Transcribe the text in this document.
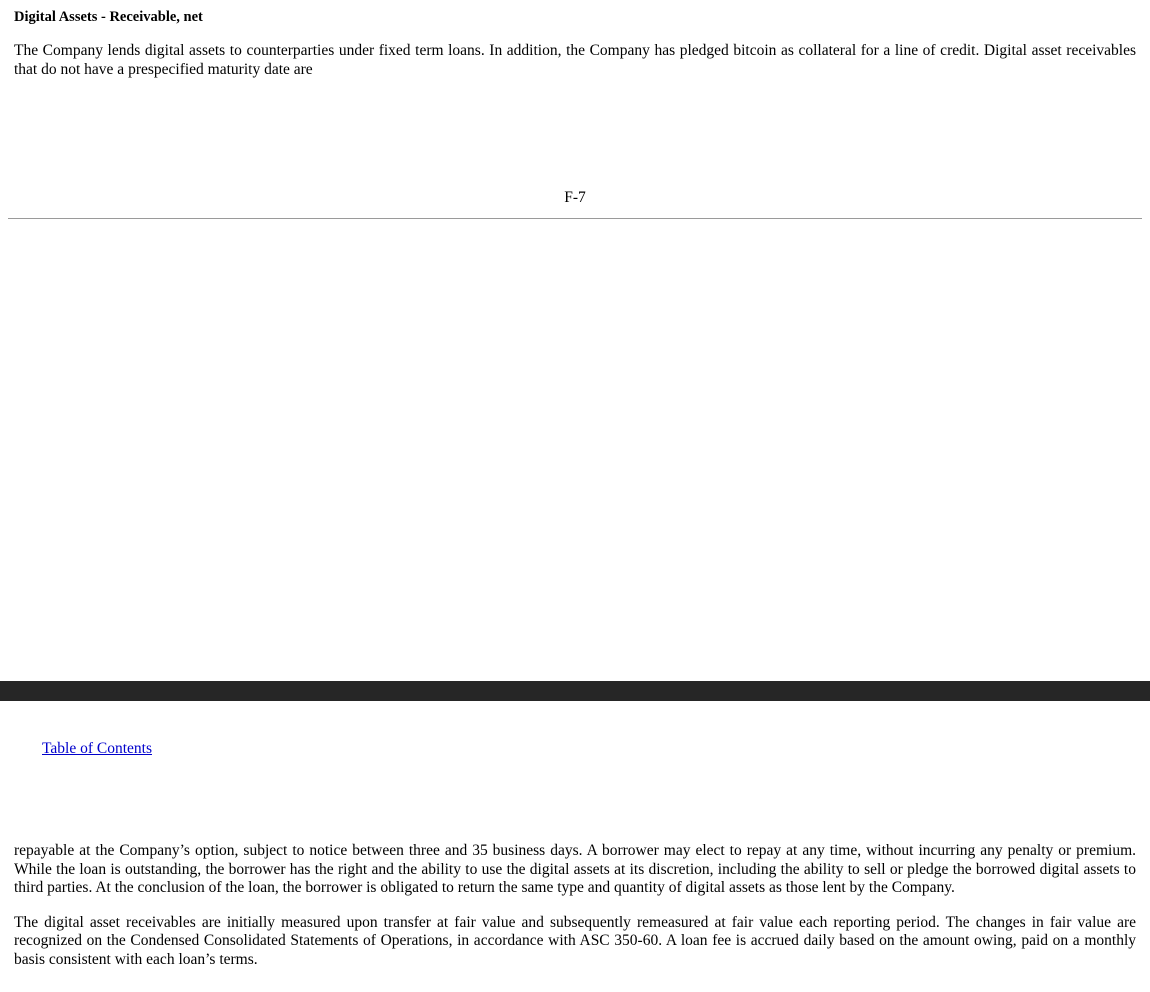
Digital Assets - Receivable, net

The Company lends digital assets to counterparties under fixed term loans. In addition, the Company has pledged bitcoin as collateral for a line of credit. Digital asset receivables that do not have a prespecified maturity date are

F-7
Table of Contents

repayable at the Company’s option, subject to notice between three and 35 business days. A borrower may elect to repay at any time, without incurring any penalty or premium. While the loan is outstanding, the borrower has the right and the ability to use the digital assets at its discretion, including the ability to sell or pledge the borrowed digital assets to third parties. At the conclusion of the loan, the borrower is obligated to return the same type and quantity of digital assets as those lent by the Company.

The digital asset receivables are initially measured upon transfer at fair value and subsequently remeasured at fair value each reporting period. The changes in fair value are recognized on the Condensed Consolidated Statements of Operations, in accordance with ASC 350-60. A loan fee is accrued daily based on the amount owing, paid on a monthly basis consistent with each loan’s terms.
